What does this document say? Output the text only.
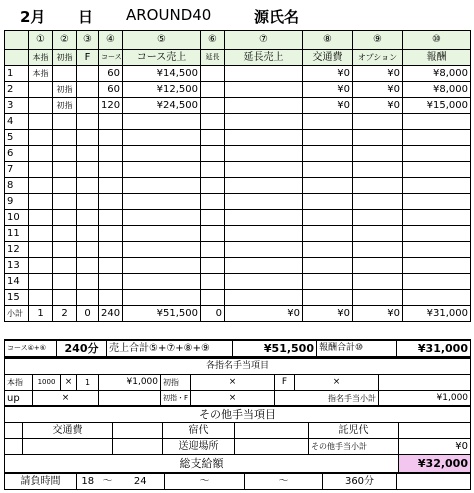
2月 日 AROUND40	源氏名
	①	②	③	④	⑤	⑥	⑦	⑧	⑨	⑩
	本指	初指	F	コース	コース売上	延長	延長売上	交通費	オプション	報酬
1	本指			60	¥14,500			¥0	¥0	¥8,000
2		初指		60	¥12,500			¥0	¥0	¥8,000
3		初指		120	¥24,500			¥0	¥0	¥15,000
4										
5										
6										
7										
8										
9										
10										
11										
12										
13										
14										
15										
小計	1	2	0	240	¥51,500	0	¥0	¥0	¥0	¥31,000
コース④+⑥	240分	売上合計⑤+⑦+⑧+⑨	¥51,500	報酬合計⑩	¥31,000
各指名手当項目									
本指	1000	×	1	¥1,000	初指	×	F	×	
up	×				初指・F	×	指名手当小計		¥1,000
その他手当項目						
	交通費		宿代		託児代	
			送迎場所		その他手当小計	¥0
総支給額	¥32,000
請負時間	18	～	24	～	～	360分	
